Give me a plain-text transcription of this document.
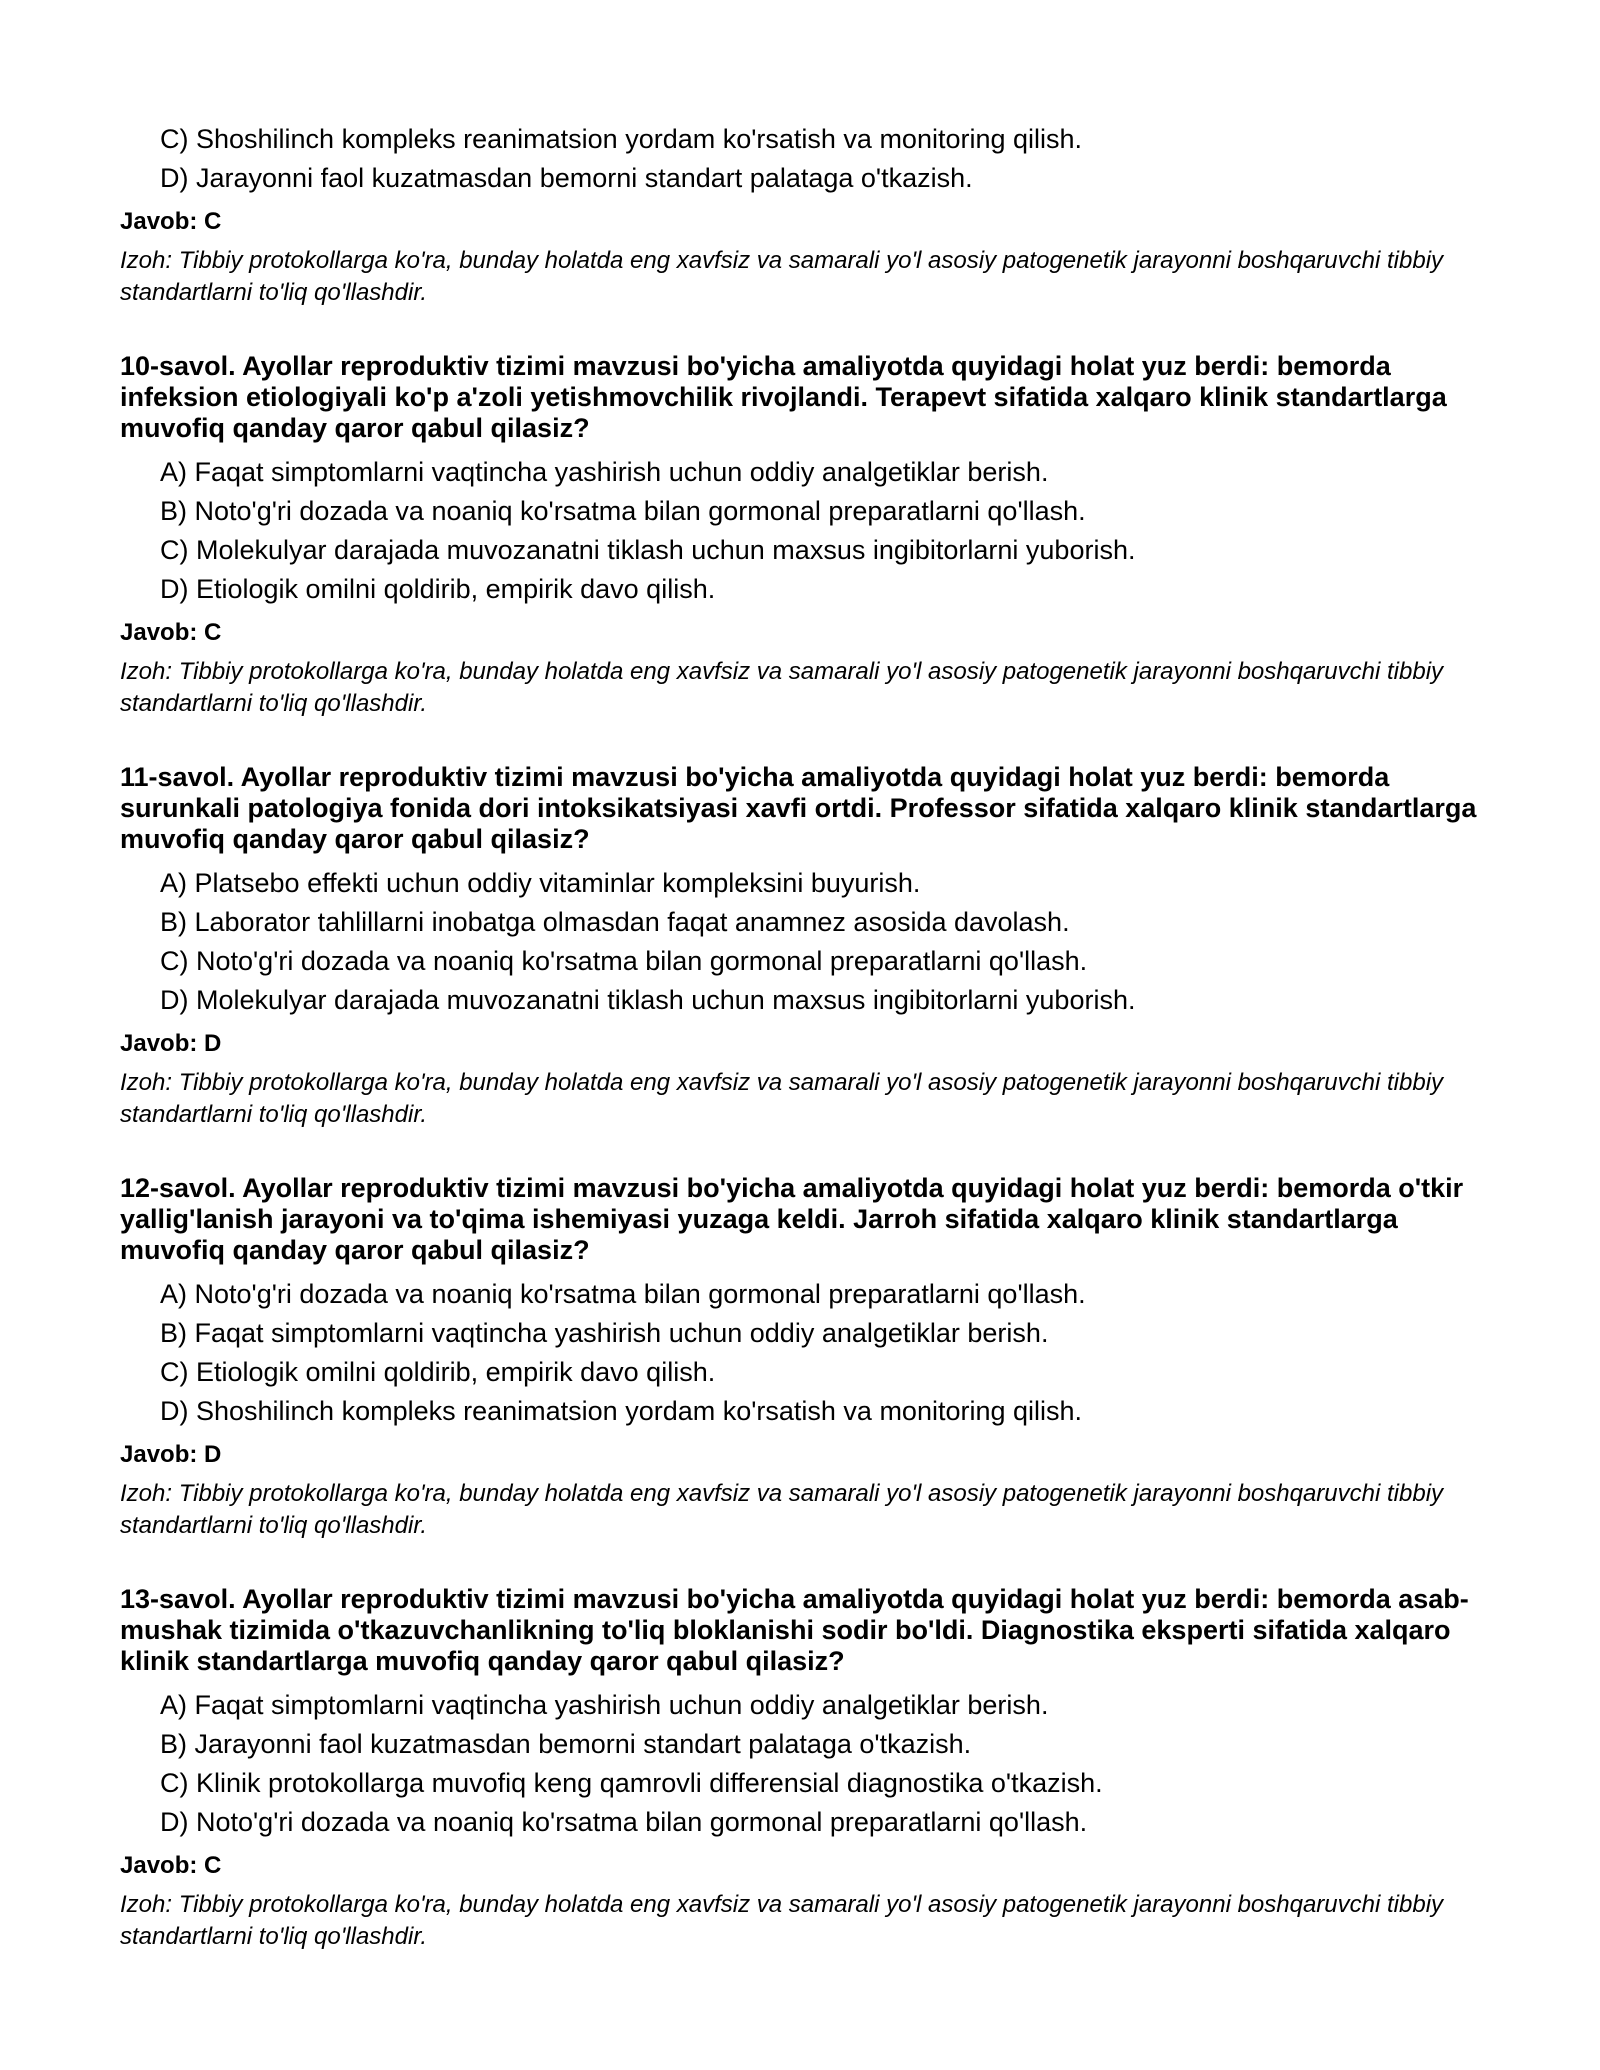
C) Shoshilinch kompleks reanimatsion yordam ko'rsatish va monitoring qilish.
D) Jarayonni faol kuzatmasdan bemorni standart palataga o'tkazish.
Javob: C
Izoh: Tibbiy protokollarga ko'ra, bunday holatda eng xavfsiz va samarali yo'l asosiy patogenetik jarayonni boshqaruvchi tibbiy standartlarni to'liq qo'llashdir.
10-savol. Ayollar reproduktiv tizimi mavzusi bo'yicha amaliyotda quyidagi holat yuz berdi: bemorda infeksion etiologiyali ko'p a'zoli yetishmovchilik rivojlandi. Terapevt sifatida xalqaro klinik standartlarga muvofiq qanday qaror qabul qilasiz?
A) Faqat simptomlarni vaqtincha yashirish uchun oddiy analgetiklar berish.
B) Noto'g'ri dozada va noaniq ko'rsatma bilan gormonal preparatlarni qo'llash.
C) Molekulyar darajada muvozanatni tiklash uchun maxsus ingibitorlarni yuborish.
D) Etiologik omilni qoldirib, empirik davo qilish.
Javob: C
Izoh: Tibbiy protokollarga ko'ra, bunday holatda eng xavfsiz va samarali yo'l asosiy patogenetik jarayonni boshqaruvchi tibbiy standartlarni to'liq qo'llashdir.
11-savol. Ayollar reproduktiv tizimi mavzusi bo'yicha amaliyotda quyidagi holat yuz berdi: bemorda surunkali patologiya fonida dori intoksikatsiyasi xavfi ortdi. Professor sifatida xalqaro klinik standartlarga muvofiq qanday qaror qabul qilasiz?
A) Platsebo effekti uchun oddiy vitaminlar kompleksini buyurish.
B) Laborator tahlillarni inobatga olmasdan faqat anamnez asosida davolash.
C) Noto'g'ri dozada va noaniq ko'rsatma bilan gormonal preparatlarni qo'llash.
D) Molekulyar darajada muvozanatni tiklash uchun maxsus ingibitorlarni yuborish.
Javob: D
Izoh: Tibbiy protokollarga ko'ra, bunday holatda eng xavfsiz va samarali yo'l asosiy patogenetik jarayonni boshqaruvchi tibbiy standartlarni to'liq qo'llashdir.
12-savol. Ayollar reproduktiv tizimi mavzusi bo'yicha amaliyotda quyidagi holat yuz berdi: bemorda o'tkir yallig'lanish jarayoni va to'qima ishemiyasi yuzaga keldi. Jarroh sifatida xalqaro klinik standartlarga muvofiq qanday qaror qabul qilasiz?
A) Noto'g'ri dozada va noaniq ko'rsatma bilan gormonal preparatlarni qo'llash.
B) Faqat simptomlarni vaqtincha yashirish uchun oddiy analgetiklar berish.
C) Etiologik omilni qoldirib, empirik davo qilish.
D) Shoshilinch kompleks reanimatsion yordam ko'rsatish va monitoring qilish.
Javob: D
Izoh: Tibbiy protokollarga ko'ra, bunday holatda eng xavfsiz va samarali yo'l asosiy patogenetik jarayonni boshqaruvchi tibbiy standartlarni to'liq qo'llashdir.
13-savol. Ayollar reproduktiv tizimi mavzusi bo'yicha amaliyotda quyidagi holat yuz berdi: bemorda asab-mushak tizimida o'tkazuvchanlikning to'liq bloklanishi sodir bo'ldi. Diagnostika eksperti sifatida xalqaro klinik standartlarga muvofiq qanday qaror qabul qilasiz?
A) Faqat simptomlarni vaqtincha yashirish uchun oddiy analgetiklar berish.
B) Jarayonni faol kuzatmasdan bemorni standart palataga o'tkazish.
C) Klinik protokollarga muvofiq keng qamrovli differensial diagnostika o'tkazish.
D) Noto'g'ri dozada va noaniq ko'rsatma bilan gormonal preparatlarni qo'llash.
Javob: C
Izoh: Tibbiy protokollarga ko'ra, bunday holatda eng xavfsiz va samarali yo'l asosiy patogenetik jarayonni boshqaruvchi tibbiy standartlarni to'liq qo'llashdir.
